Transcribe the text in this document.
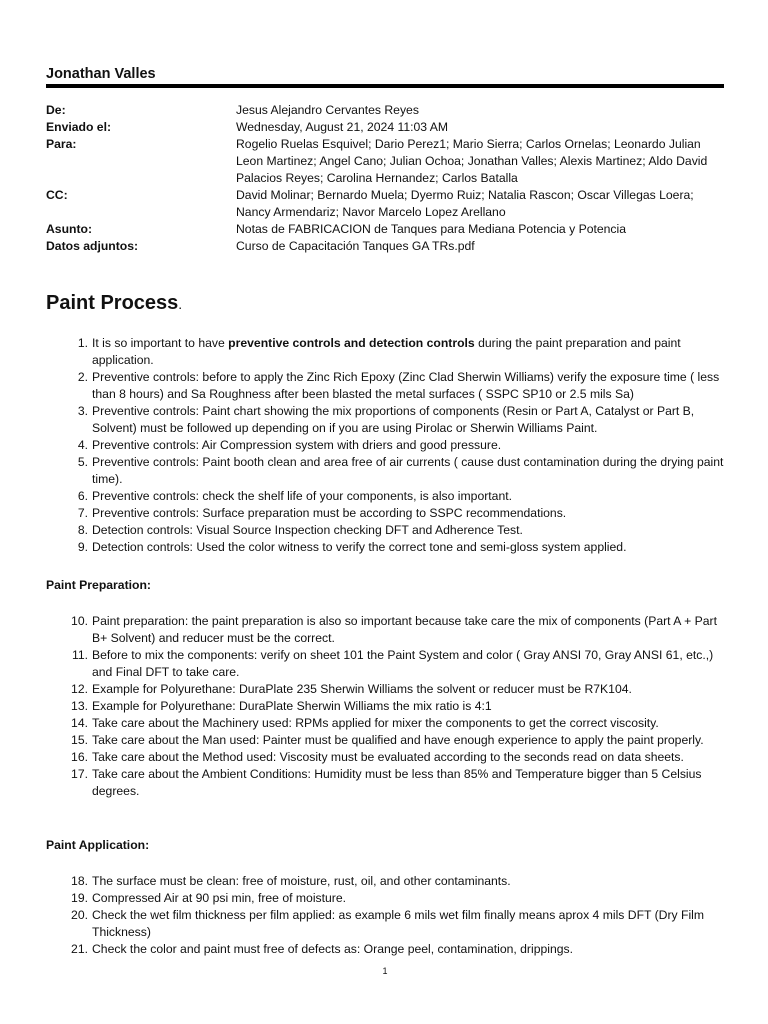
Jonathan Valles
De:	Jesus Alejandro Cervantes Reyes
Enviado el:	Wednesday, August 21, 2024 11:03 AM
Para:	Rogelio Ruelas Esquivel; Dario Perez1; Mario Sierra; Carlos Ornelas; Leonardo Julian Leon Martinez; Angel Cano; Julian Ochoa; Jonathan Valles; Alexis Martinez; Aldo David Palacios Reyes; Carolina Hernandez; Carlos Batalla
CC:	David Molinar; Bernardo Muela; Dyermo Ruiz; Natalia Rascon; Oscar Villegas Loera; Nancy Armendariz; Navor Marcelo Lopez Arellano
Asunto:	Notas de FABRICACION de Tanques para Mediana Potencia y Potencia
Datos adjuntos:	Curso de Capacitación Tanques GA TRs.pdf
Paint Process.
1. It is so important to have preventive controls and detection controls during the paint preparation and paint application.
2. Preventive controls: before to apply the Zinc Rich Epoxy (Zinc Clad Sherwin Williams) verify the exposure time ( less than 8 hours) and Sa Roughness after been blasted the metal surfaces ( SSPC SP10 or 2.5 mils Sa)
3. Preventive controls: Paint chart showing the mix proportions of components (Resin or Part A, Catalyst or Part B, Solvent) must be followed up depending on if you are using Pirolac or Sherwin Williams Paint.
4. Preventive controls: Air Compression system with driers and good pressure.
5. Preventive controls: Paint booth clean and area free of air currents ( cause dust contamination during the drying paint time).
6. Preventive controls: check the shelf life of your components, is also important.
7. Preventive controls: Surface preparation must be according to SSPC recommendations.
8. Detection controls: Visual Source Inspection checking DFT and Adherence Test.
9. Detection controls: Used the color witness to verify the correct tone and semi-gloss system applied.
Paint Preparation:
10. Paint preparation: the paint preparation is also so important because take care the mix of components (Part A + Part B+ Solvent) and reducer must be the correct.
11. Before to mix the components: verify on sheet 101 the Paint System and color ( Gray ANSI 70, Gray ANSI 61, etc.,) and Final DFT to take care.
12. Example for Polyurethane: DuraPlate 235 Sherwin Williams the solvent or reducer must be R7K104.
13. Example for Polyurethane: DuraPlate Sherwin Williams the mix ratio is 4:1
14. Take care about the Machinery used: RPMs applied for mixer the components to get the correct viscosity.
15. Take care about the Man used: Painter must be qualified and have enough experience to apply the paint properly.
16. Take care about the Method used: Viscosity must be evaluated according to the seconds read on data sheets.
17. Take care about the Ambient Conditions: Humidity must be less than 85% and Temperature bigger than 5 Celsius degrees.
Paint Application:
18. The surface must be clean: free of moisture, rust, oil, and other contaminants.
19. Compressed Air at 90 psi min, free of moisture.
20. Check the wet film thickness per film applied: as example 6 mils wet film finally means aprox 4 mils DFT (Dry Film Thickness)
21. Check the color and paint must free of defects as: Orange peel, contamination, drippings.
1
